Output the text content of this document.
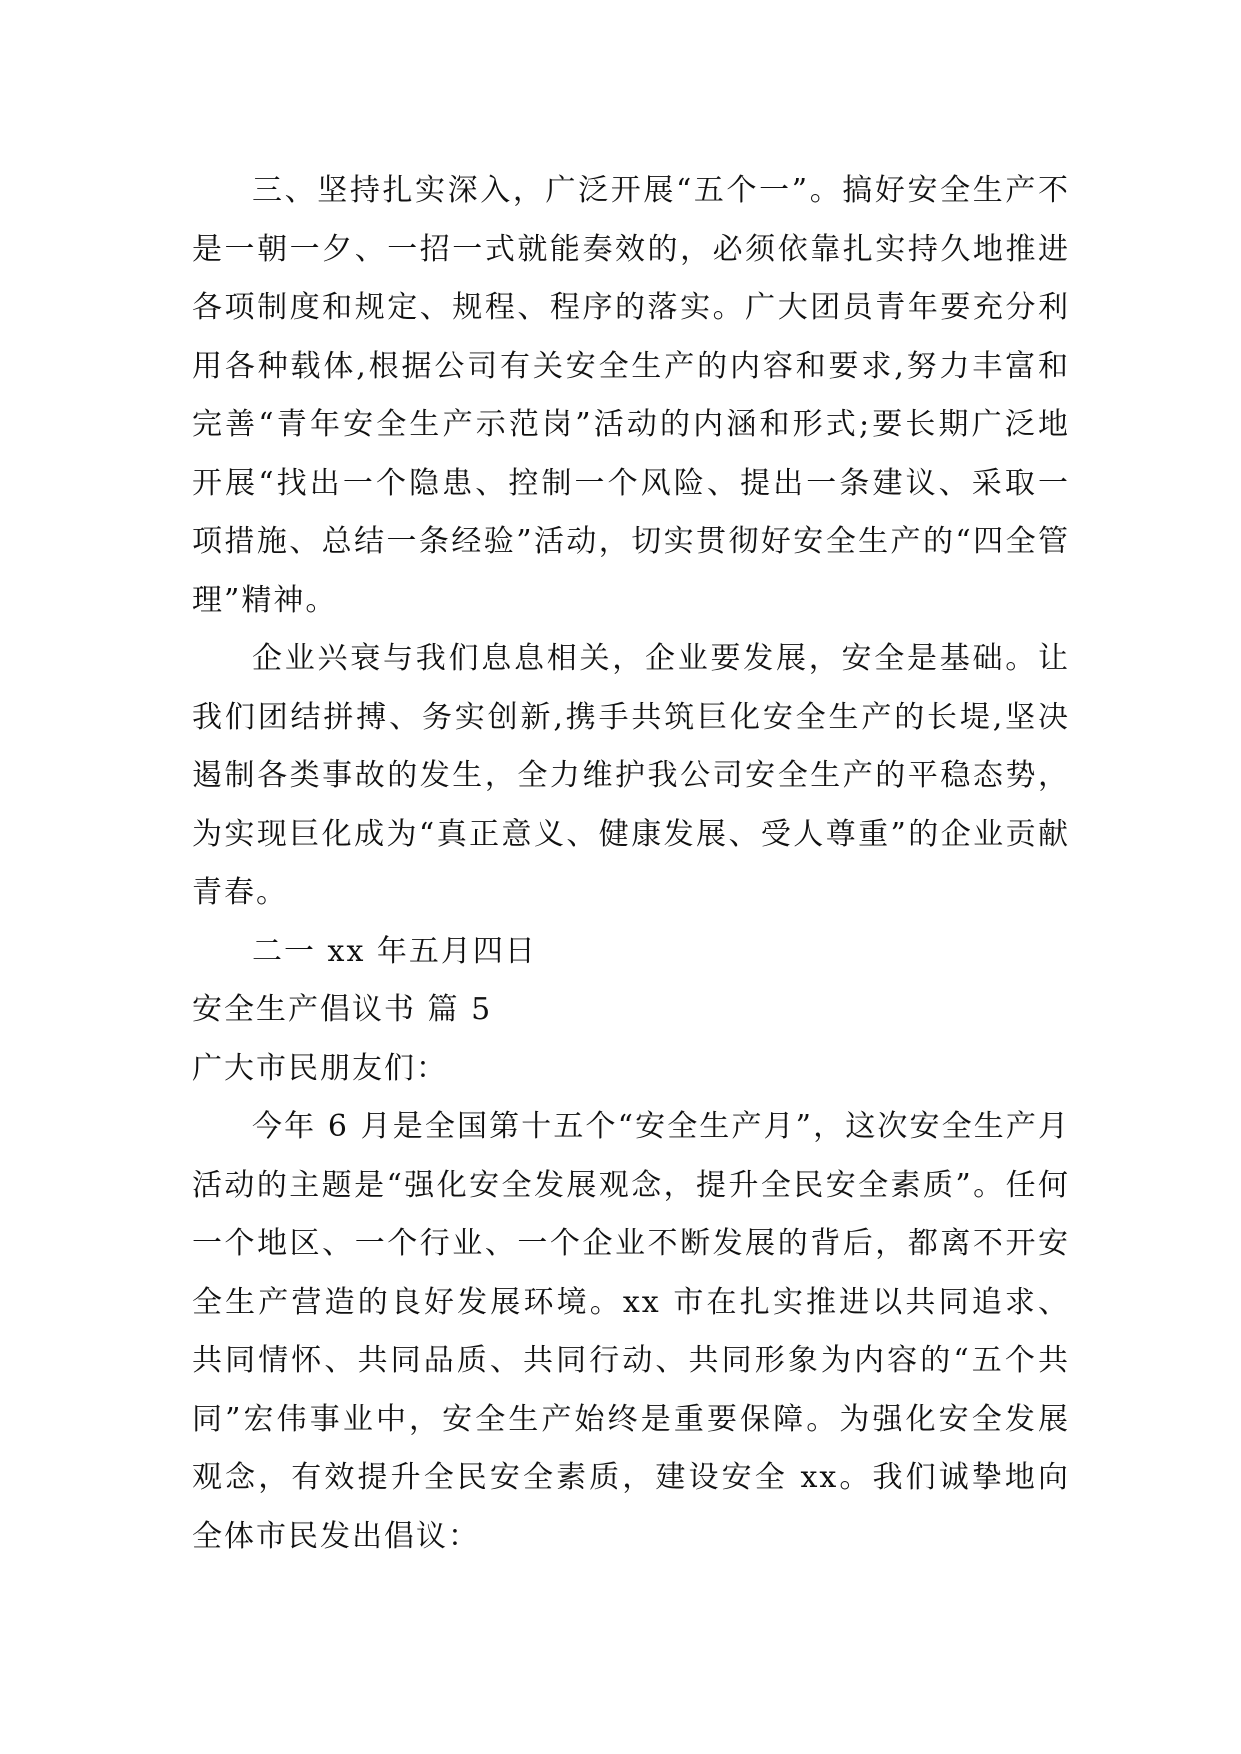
三、坚持扎实深入，广泛开展“五个一”。搞好安全生产不是一朝一夕、一招一式就能奏效的，必须依靠扎实持久地推进各项制度和规定、规程、程序的落实。广大团员青年要充分利用各种载体,根据公司有关安全生产的内容和要求,努力丰富和完善“青年安全生产示范岗”活动的内涵和形式;要长期广泛地开展“找出一个隐患、控制一个风险、提出一条建议、采取一项措施、总结一条经验”活动，切实贯彻好安全生产的“四全管理”精神。

企业兴衰与我们息息相关，企业要发展，安全是基础。让我们团结拼搏、务实创新,携手共筑巨化安全生产的长堤,坚决遏制各类事故的发生，全力维护我公司安全生产的平稳态势，为实现巨化成为“真正意义、健康发展、受人尊重”的企业贡献青春。

二一 xx 年五月四日

安全生产倡议书 篇 5

广大市民朋友们：

今年 6 月是全国第十五个“安全生产月”，这次安全生产月活动的主题是“强化安全发展观念，提升全民安全素质”。任何一个地区、一个行业、一个企业不断发展的背后，都离不开安全生产营造的良好发展环境。xx 市在扎实推进以共同追求、共同情怀、共同品质、共同行动、共同形象为内容的“五个共同”宏伟事业中，安全生产始终是重要保障。为强化安全发展观念，有效提升全民安全素质，建设安全 xx。我们诚挚地向全体市民发出倡议：
